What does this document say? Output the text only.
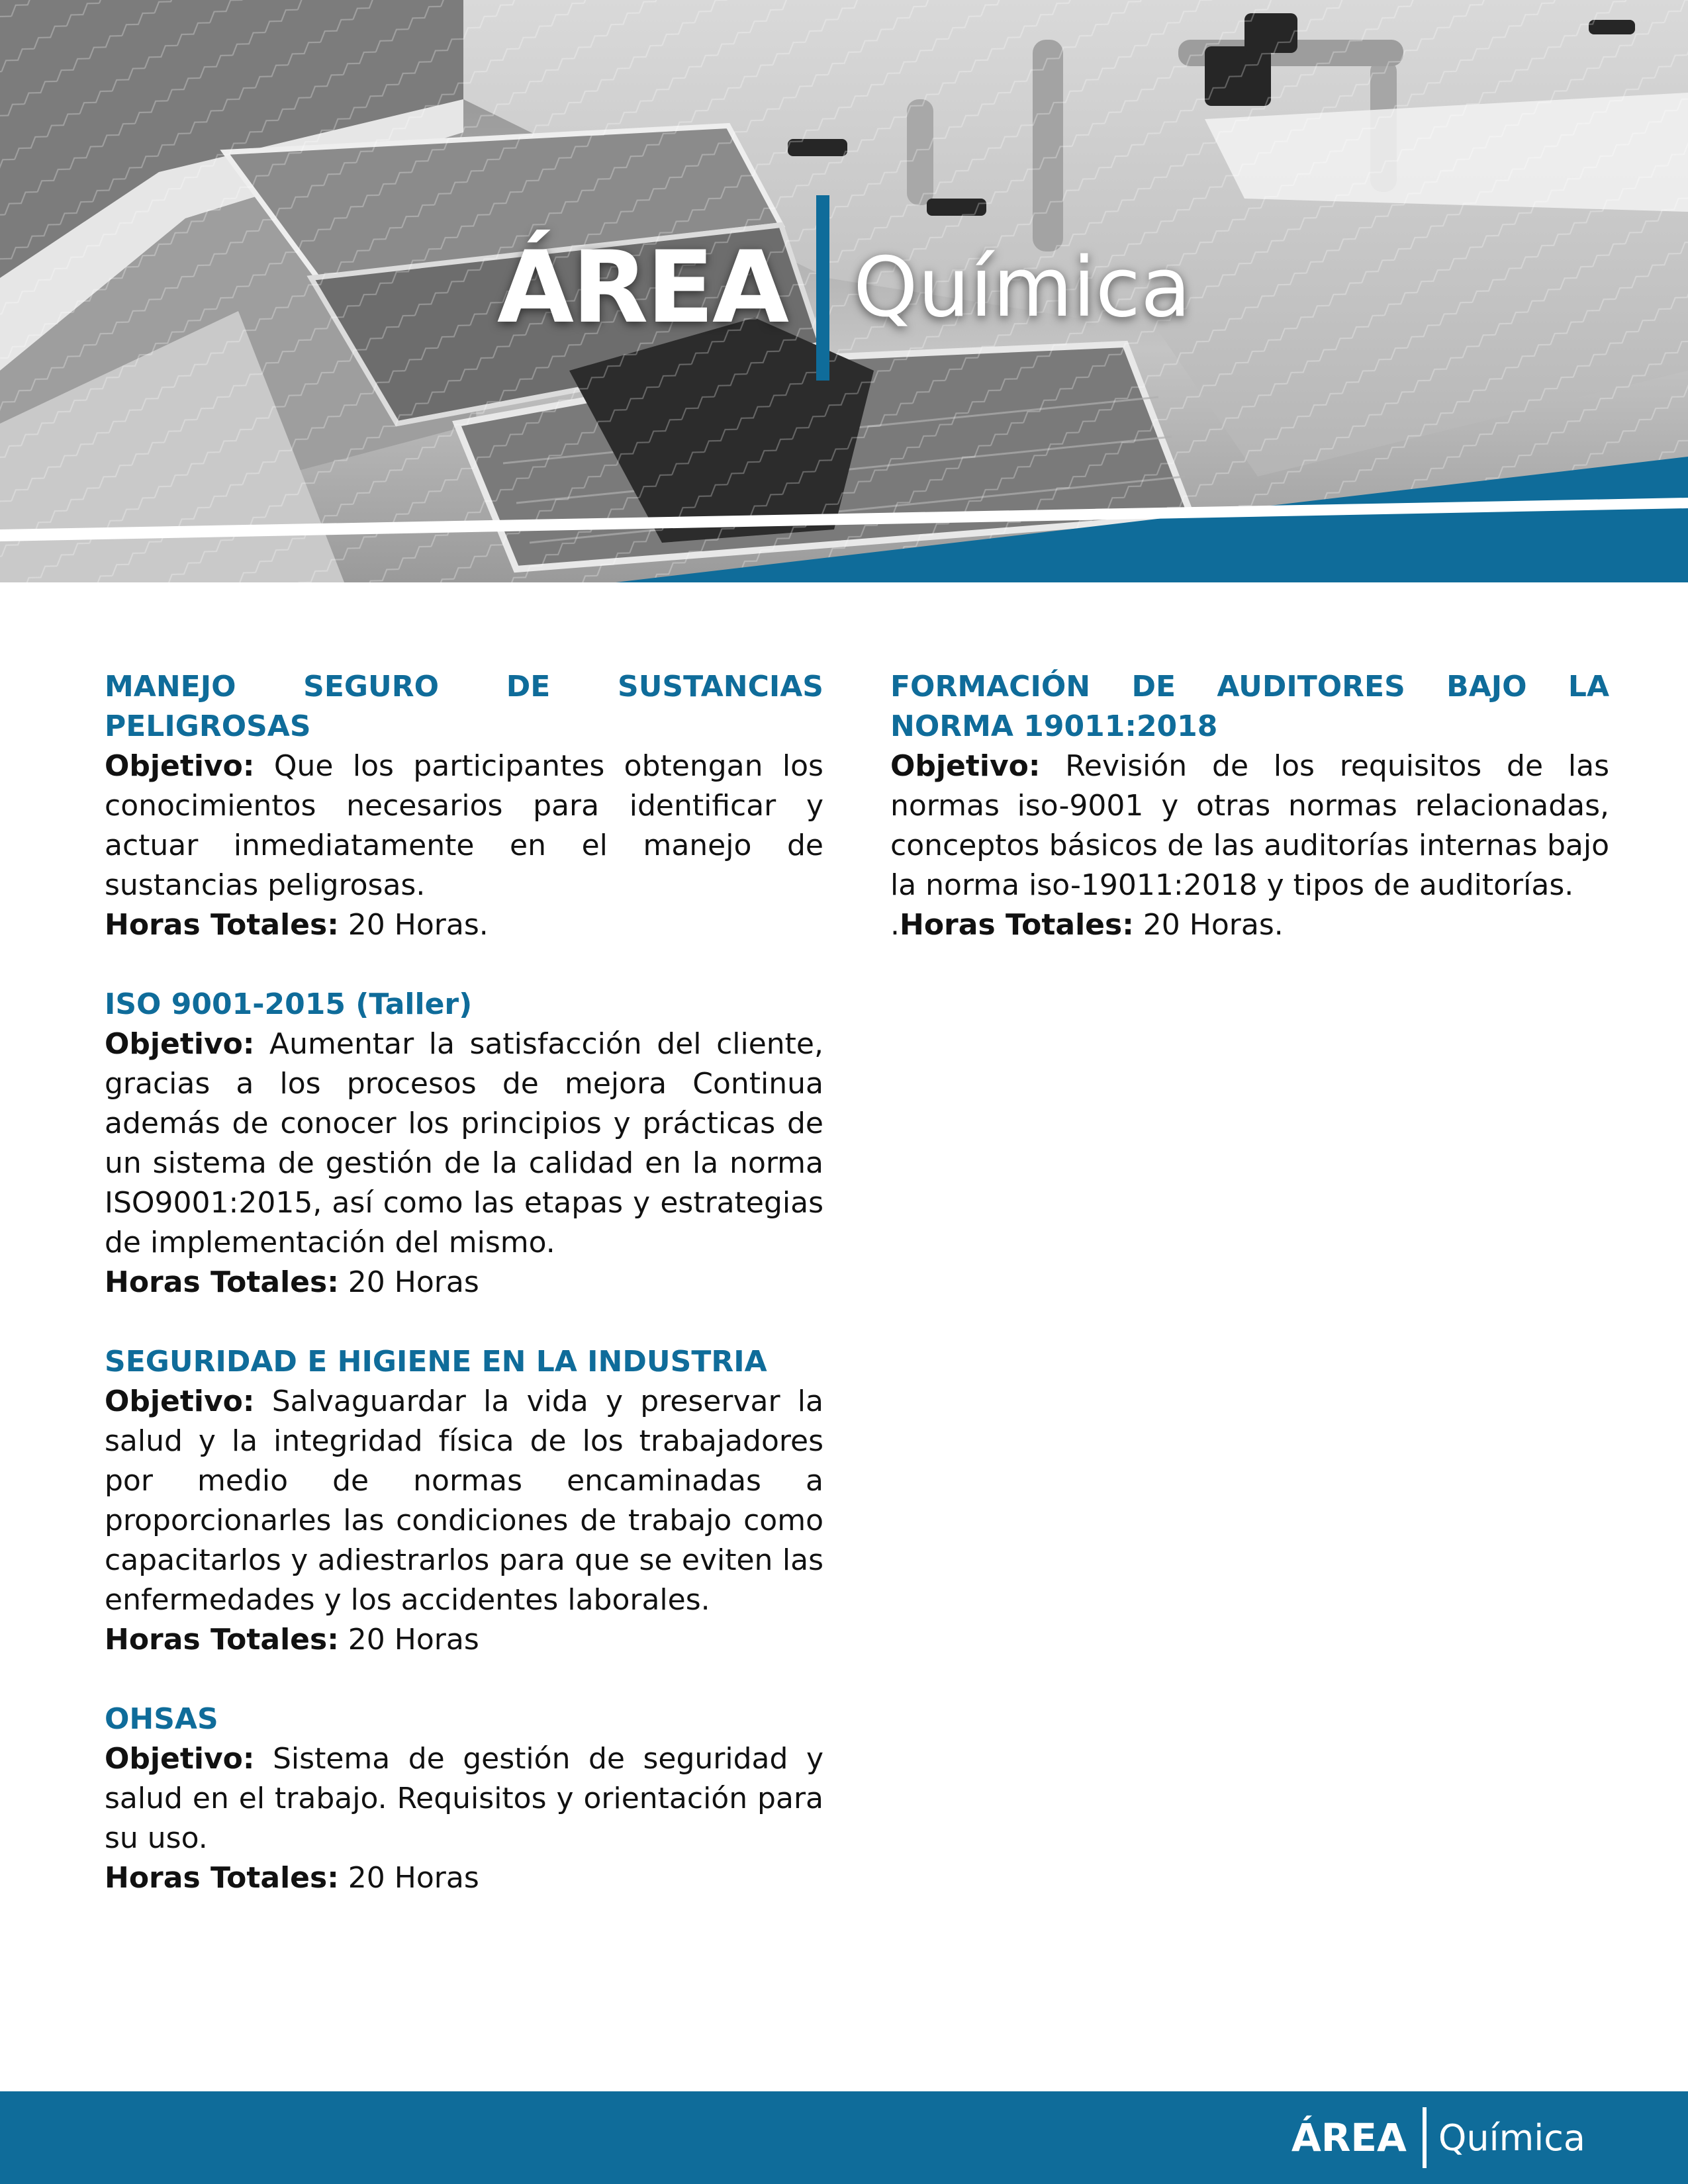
ÁREA Química

MANEJO SEGURO DE SUSTANCIAS PELIGROSAS

Objetivo: Que los participantes obtengan los conocimientos necesarios para identificar y actuar inmediatamente en el manejo de sustancias peligrosas.

Horas Totales: 20 Horas.

ISO 9001-2015 (Taller)

Objetivo: Aumentar la satisfacción del cliente, gracias a los procesos de mejora Continua además de conocer los principios y prácticas de un sistema de gestión de la calidad en la norma ISO9001:2015, así como las etapas y estrategias de implementación del mismo.

Horas Totales: 20 Horas

SEGURIDAD E HIGIENE EN LA INDUSTRIA

Objetivo: Salvaguardar la vida y preservar la salud y la integridad física de los trabajadores por medio de normas encaminadas a proporcionarles las condiciones de trabajo como capacitarlos y adiestrarlos para que se eviten las enfermedades y los accidentes laborales.

Horas Totales: 20 Horas

OHSAS

Objetivo: Sistema de gestión de seguridad y salud en el trabajo. Requisitos y orientación para su uso.

Horas Totales: 20 Horas

FORMACIÓN DE AUDITORES BAJO LA NORMA 19011:2018

Objetivo: Revisión de los requisitos de las normas iso-9001 y otras normas relacionadas, conceptos básicos de las auditorías internas bajo la norma iso-19011:2018 y tipos de auditorías.

.Horas Totales: 20 Horas.

ÁREA Química
